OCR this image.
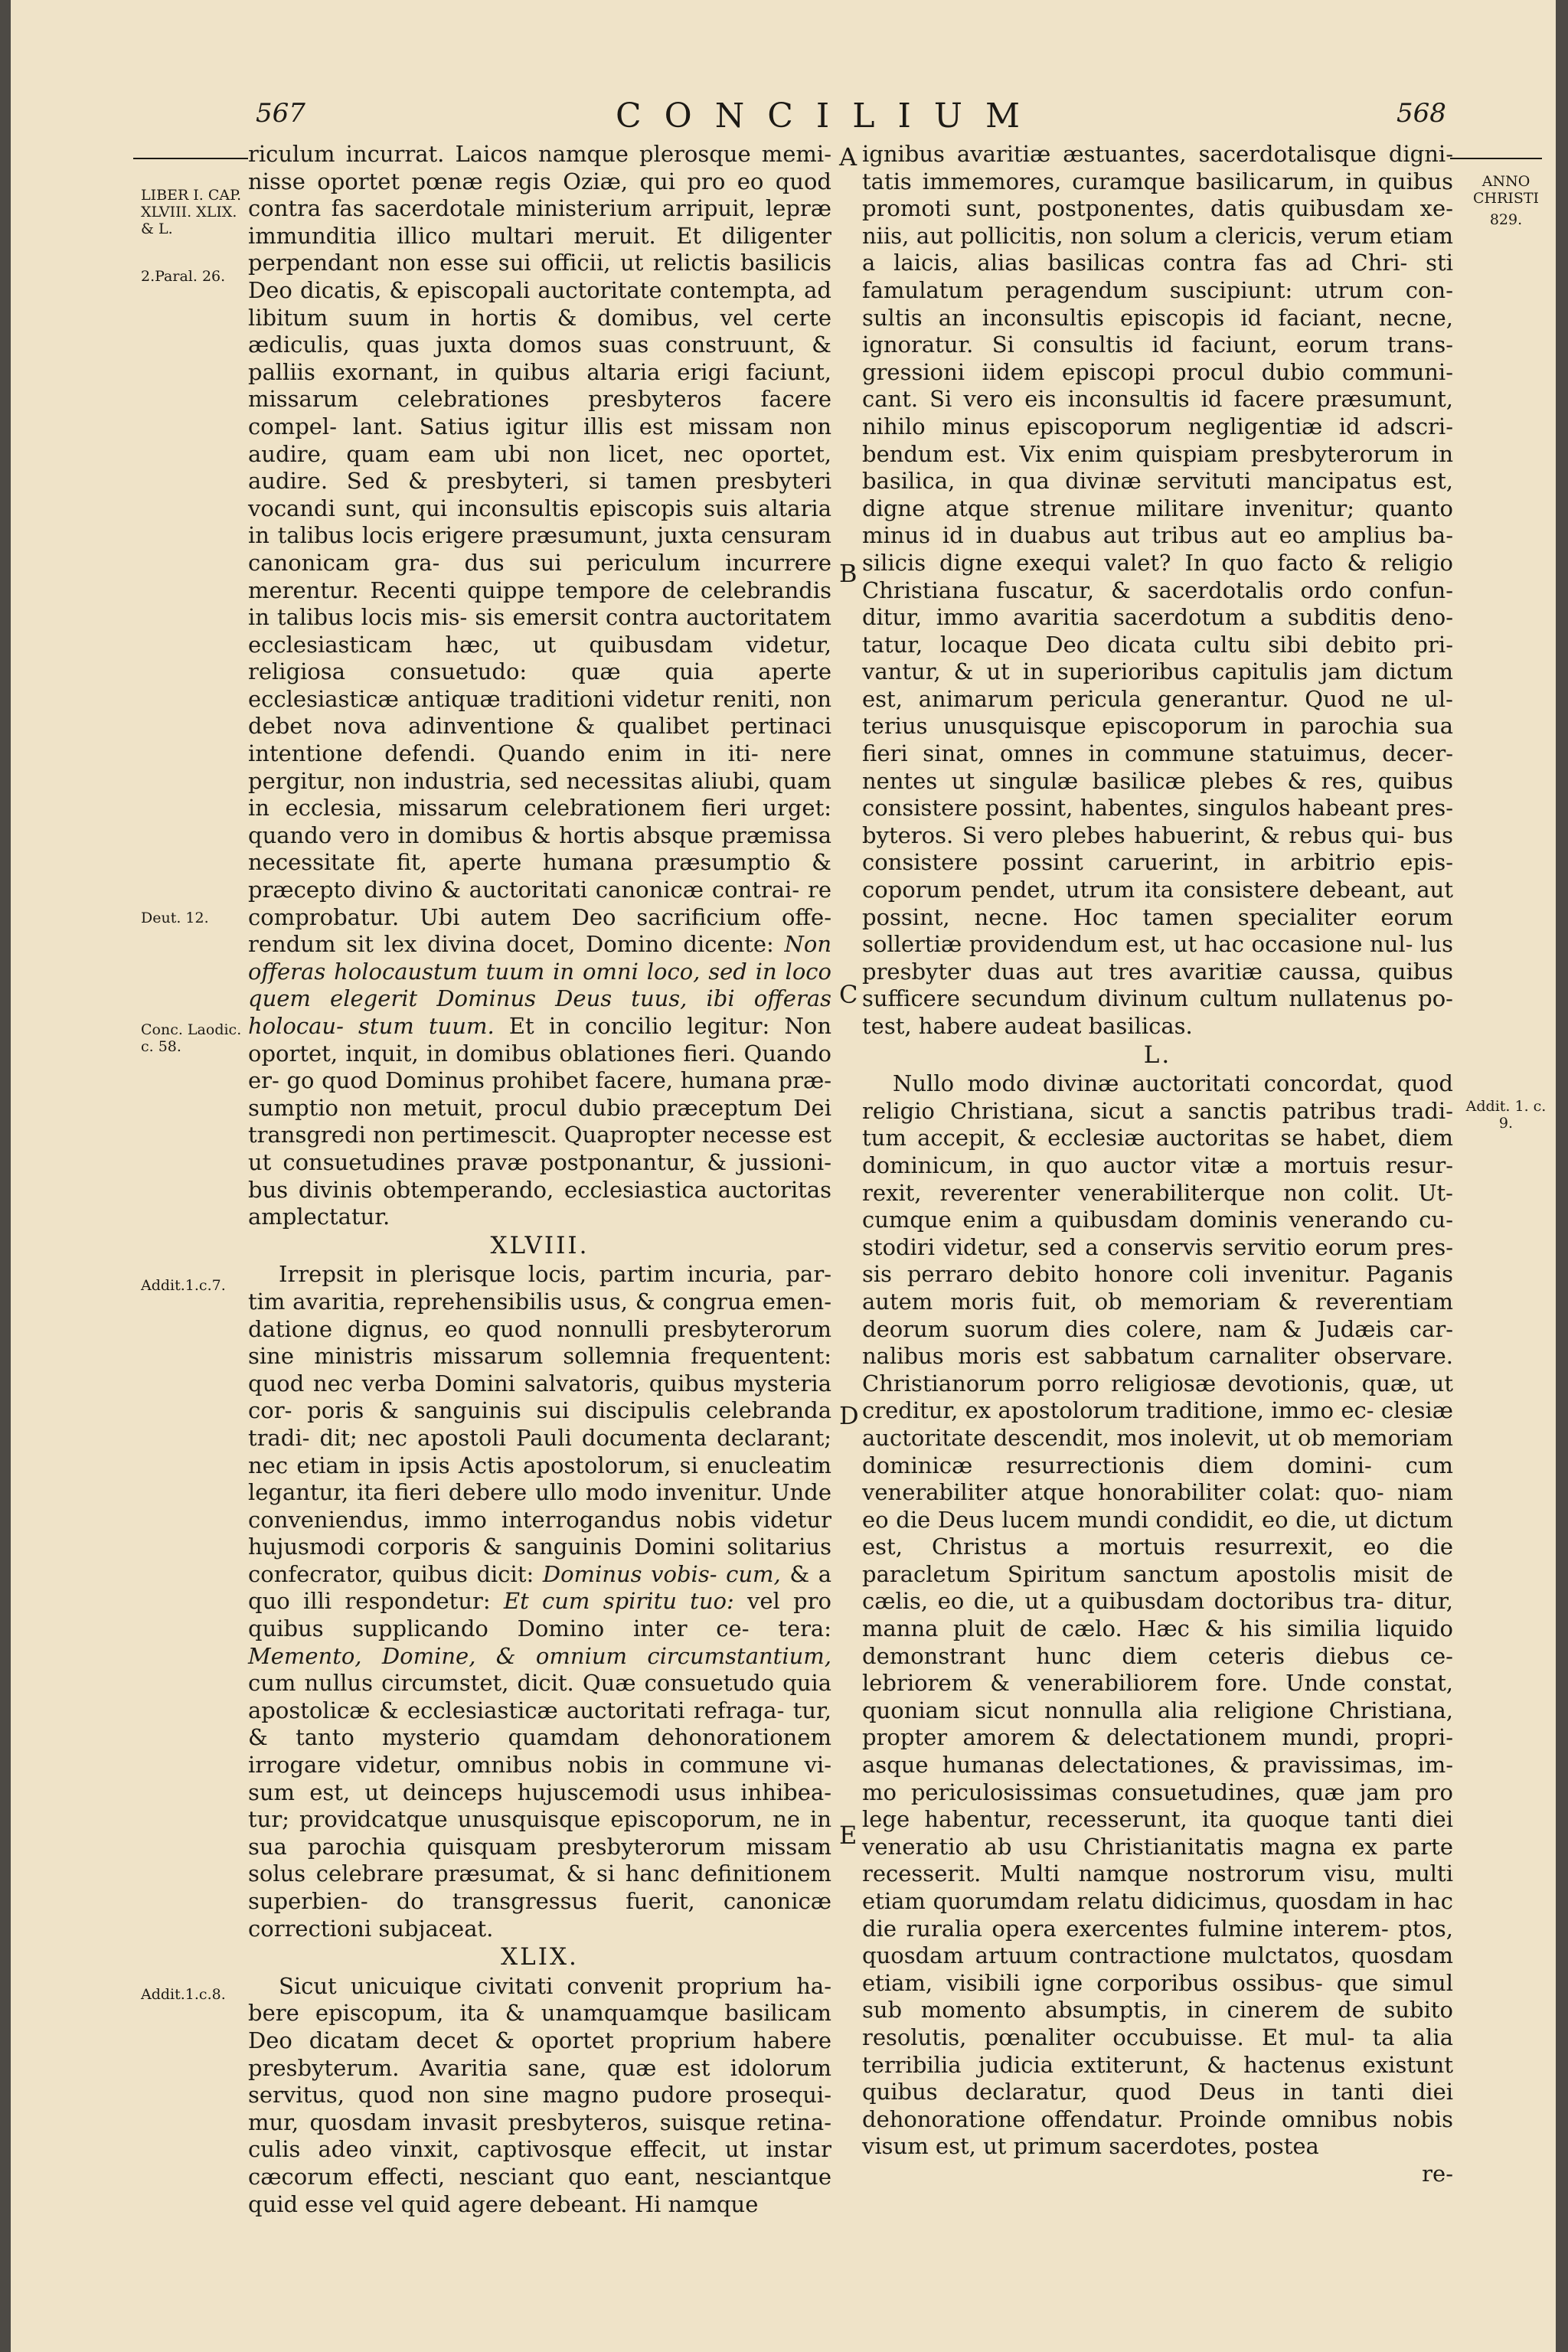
567	CONCILIUM	568
LIBER I. CAP. XLVIII. XLIX. & L.
2.Paral. 26.
Deut. 12.
Conc. Laodic. c. 58.
Addit.1.c.7.
Addit.1.c.8.
ANNO CHRISTI
829.
Addit. 1. c. 9.
A
B
C
D
E

riculum incurrat. Laicos namque plerosque memi- nisse oportet pœnæ regis Oziæ, qui pro eo quod contra fas sacerdotale ministerium arripuit, lepræ immunditia illico multari meruit. Et diligenter perpendant non esse sui officii, ut relictis basilicis Deo dicatis, & episcopali auctoritate contempta, ad libitum suum in hortis & domibus, vel certe ædiculis, quas juxta domos suas construunt, & palliis exornant, in quibus altaria erigi faciunt, missarum celebrationes presbyteros facere compel- lant. Satius igitur illis est missam non audire, quam eam ubi non licet, nec oportet, audire. Sed & presbyteri, si tamen presbyteri vocandi sunt, qui inconsultis episcopis suis altaria in talibus locis erigere præsumunt, juxta censuram canonicam gra- dus sui periculum incurrere merentur. Recenti quippe tempore de celebrandis in talibus locis mis- sis emersit contra auctoritatem ecclesiasticam hæc, ut quibusdam videtur, religiosa consuetudo: quæ quia aperte ecclesiasticæ antiquæ traditioni videtur reniti, non debet nova adinventione & qualibet pertinaci intentione defendi. Quando enim in iti- nere pergitur, non industria, sed necessitas aliubi, quam in ecclesia, missarum celebrationem fieri urget: quando vero in domibus & hortis absque præmissa necessitate fit, aperte humana præsumptio & præcepto divino & auctoritati canonicæ contrai- re comprobatur. Ubi autem Deo sacrificium offe- rendum sit lex divina docet, Domino dicente: Non offeras holocaustum tuum in omni loco, sed in loco quem elegerit Dominus Deus tuus, ibi offeras holocau- stum tuum. Et in concilio legitur: Non oportet, inquit, in domibus oblationes fieri. Quando er- go quod Dominus prohibet facere, humana præ- sumptio non metuit, procul dubio præceptum Dei transgredi non pertimescit. Quapropter necesse est ut consuetudines pravæ postponantur, & jussioni- bus divinis obtemperando, ecclesiastica auctoritas amplectatur.

XLVIII.

Irrepsit in plerisque locis, partim incuria, par- tim avaritia, reprehensibilis usus, & congrua emen- datione dignus, eo quod nonnulli presbyterorum sine ministris missarum sollemnia frequentent: quod nec verba Domini salvatoris, quibus mysteria cor- poris & sanguinis sui discipulis celebranda tradi- dit; nec apostoli Pauli documenta declarant; nec etiam in ipsis Actis apostolorum, si enucleatim legantur, ita fieri debere ullo modo invenitur. Unde conveniendus, immo interrogandus nobis videtur hujusmodi corporis & sanguinis Domini solitarius confecrator, quibus dicit: Dominus vobis- cum, & a quo illi respondetur: Et cum spiritu tuo: vel pro quibus supplicando Domino inter ce- tera: Memento, Domine, & omnium circumstantium, cum nullus circumstet, dicit. Quæ consuetudo quia apostolicæ & ecclesiasticæ auctoritati refraga- tur, & tanto mysterio quamdam dehonorationem irrogare videtur, omnibus nobis in commune vi- sum est, ut deinceps hujuscemodi usus inhibea- tur; providcatque unusquisque episcoporum, ne in sua parochia quisquam presbyterorum missam solus celebrare præsumat, & si hanc definitionem superbien- do transgressus fuerit, canonicæ correctioni subjaceat.

XLIX.

Sicut unicuique civitati convenit proprium ha- bere episcopum, ita & unamquamque basilicam Deo dicatam decet & oportet proprium habere presbyterum. Avaritia sane, quæ est idolorum servitus, quod non sine magno pudore prosequi- mur, quosdam invasit presbyteros, suisque retina- culis adeo vinxit, captivosque effecit, ut instar cæcorum effecti, nesciant quo eant, nesciantque quid esse vel quid agere debeant. Hi namque

ignibus avaritiæ æstuantes, sacerdotalisque digni- tatis immemores, curamque basilicarum, in quibus promoti sunt, postponentes, datis quibusdam xe- niis, aut pollicitis, non solum a clericis, verum etiam a laicis, alias basilicas contra fas ad Chri- sti famulatum peragendum suscipiunt: utrum con- sultis an inconsultis episcopis id faciant, necne, ignoratur. Si consultis id faciunt, eorum trans- gressioni iidem episcopi procul dubio communi- cant. Si vero eis inconsultis id facere præsumunt, nihilo minus episcoporum negligentiæ id adscri- bendum est. Vix enim quispiam presbyterorum in basilica, in qua divinæ servituti mancipatus est, digne atque strenue militare invenitur; quanto minus id in duabus aut tribus aut eo amplius ba- silicis digne exequi valet? In quo facto & religio Christiana fuscatur, & sacerdotalis ordo confun- ditur, immo avaritia sacerdotum a subditis deno- tatur, locaque Deo dicata cultu sibi debito pri- vantur, & ut in superioribus capitulis jam dictum est, animarum pericula generantur. Quod ne ul- terius unusquisque episcoporum in parochia sua fieri sinat, omnes in commune statuimus, decer- nentes ut singulæ basilicæ plebes & res, quibus consistere possint, habentes, singulos habeant pres- byteros. Si vero plebes habuerint, & rebus qui- bus consistere possint caruerint, in arbitrio epis- coporum pendet, utrum ita consistere debeant, aut possint, necne. Hoc tamen specialiter eorum sollertiæ providendum est, ut hac occasione nul- lus presbyter duas aut tres avaritiæ caussa, quibus sufficere secundum divinum cultum nullatenus po- test, habere audeat basilicas.

L.

Nullo modo divinæ auctoritati concordat, quod religio Christiana, sicut a sanctis patribus tradi- tum accepit, & ecclesiæ auctoritas se habet, diem dominicum, in quo auctor vitæ a mortuis resur- rexit, reverenter venerabiliterque non colit. Ut- cumque enim a quibusdam dominis venerando cu- stodiri videtur, sed a conservis servitio eorum pres- sis perraro debito honore coli invenitur. Paganis autem moris fuit, ob memoriam & reverentiam deorum suorum dies colere, nam & Judæis car- nalibus moris est sabbatum carnaliter observare. Christianorum porro religiosæ devotionis, quæ, ut creditur, ex apostolorum traditione, immo ec- clesiæ auctoritate descendit, mos inolevit, ut ob memoriam dominicæ resurrectionis diem domini- cum venerabiliter atque honorabiliter colat: quo- niam eo die Deus lucem mundi condidit, eo die, ut dictum est, Christus a mortuis resurrexit, eo die paracletum Spiritum sanctum apostolis misit de cælis, eo die, ut a quibusdam doctoribus tra- ditur, manna pluit de cælo. Hæc & his similia liquido demonstrant hunc diem ceteris diebus ce- lebriorem & venerabiliorem fore. Unde constat, quoniam sicut nonnulla alia religione Christiana, propter amorem & delectationem mundi, propri- asque humanas delectationes, & pravissimas, im- mo periculosissimas consuetudines, quæ jam pro lege habentur, recesserunt, ita quoque tanti diei veneratio ab usu Christianitatis magna ex parte recesserit. Multi namque nostrorum visu, multi etiam quorumdam relatu didicimus, quosdam in hac die ruralia opera exercentes fulmine interem- ptos, quosdam artuum contractione mulctatos, quosdam etiam, visibili igne corporibus ossibus- que simul sub momento absumptis, in cinerem de subito resolutis, pœnaliter occubuisse. Et mul- ta alia terribilia judicia extiterunt, & hactenus existunt quibus declaratur, quod Deus in tanti diei dehonoratione offendatur. Proinde omnibus nobis visum est, ut primum sacerdotes, postea

re-
